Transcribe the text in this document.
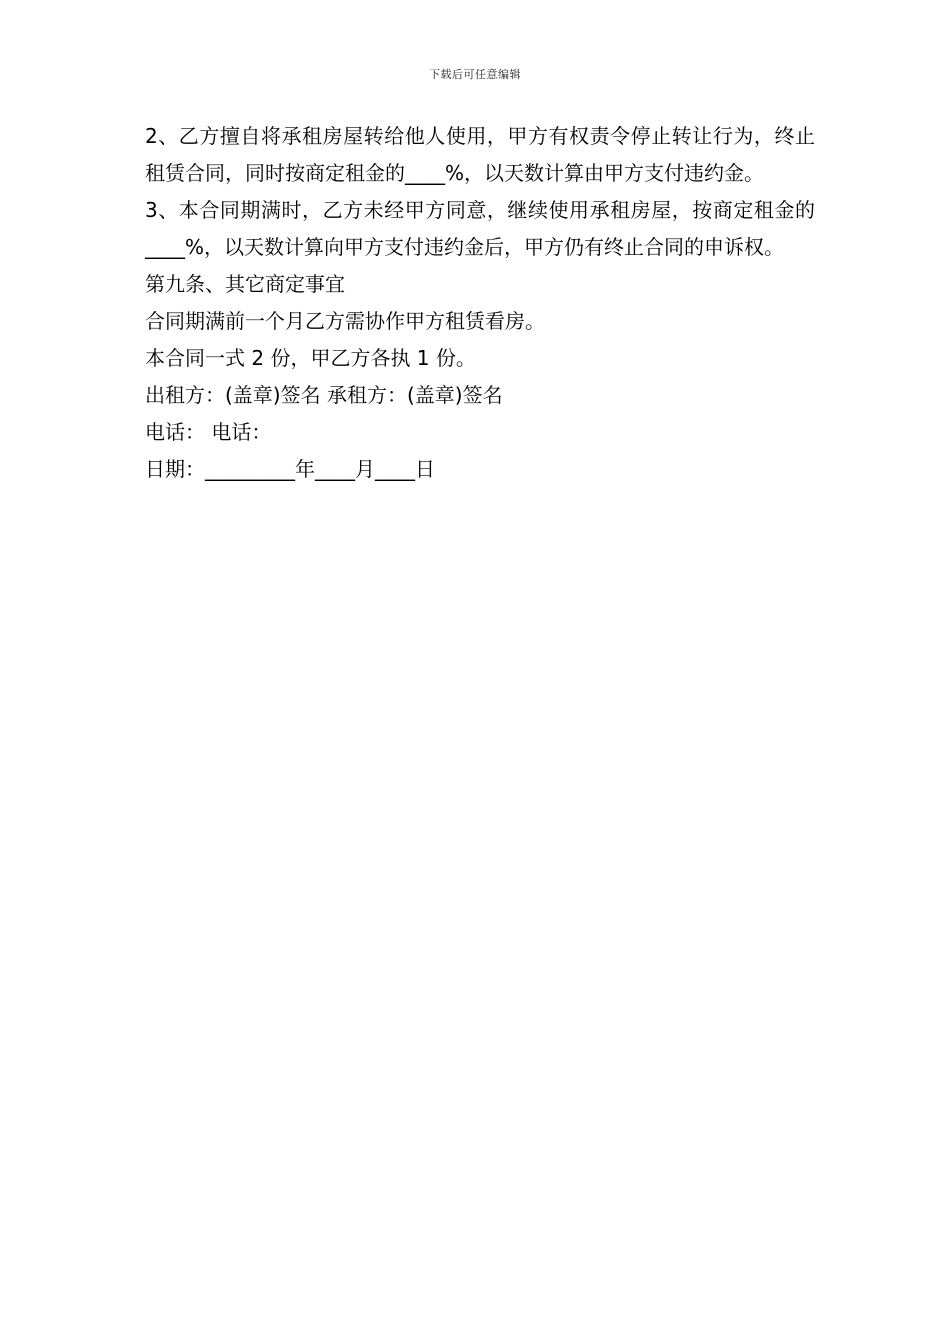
下载后可任意编辑

2、乙方擅自将承租房屋转给他人使用，甲方有权责令停止转让行为，终止租赁合同，同时按商定租金的____%，以天数计算由甲方支付违约金。

3、本合同期满时，乙方未经甲方同意，继续使用承租房屋，按商定租金的____%，以天数计算向甲方支付违约金后，甲方仍有终止合同的申诉权。

第九条、其它商定事宜

合同期满前一个月乙方需协作甲方租赁看房。

本合同一式 2 份，甲乙方各执 1 份。

出租方：(盖章)签名 承租方：(盖章)签名

电话： 电话：

日期：_________年____月____日
